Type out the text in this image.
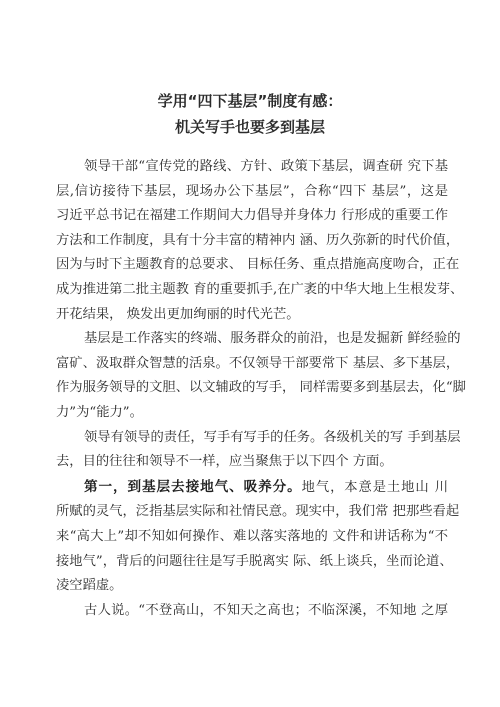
学用“四下基层”制度有感：
机关写手也要多到基层

领导干部“宣传党的路线、方针、政策下基层，调查研 究下基
层,信访接待下基层，现场办公下基层”，合称“四下 基层”，这是
习近平总书记在福建工作期间大力倡导并身体力 行形成的重要工作
方法和工作制度，具有十分丰富的精神内 涵、历久弥新的时代价值，
因为与时下主题教育的总要求、 目标任务、重点措施高度吻合，正在
成为推进第二批主题教 育的重要抓手,在广袤的中华大地上生根发芽、
开花结果， 焕发出更加绚丽的时代光芒。

基层是工作落实的终端、服务群众的前沿，也是发掘新 鲜经验的
富矿、汲取群众智慧的活泉。不仅领导干部要常下 基层、多下基层，
作为服务领导的文胆、以文辅政的写手， 同样需要多到基层去，化“脚
力”为“能力”。

领导有领导的责任，写手有写手的任务。各级机关的写 手到基层
去，目的往往和领导不一样，应当聚焦于以下四个 方面。

第一，到基层去接地气、吸养分。地气，本意是土地山 川
所赋的灵气，泛指基层实际和社情民意。现实中，我们常 把那些看起
来“高大上”却不知如何操作、难以落实落地的 文件和讲话称为“不
接地气”，背后的问题往往是写手脱离实 际、纸上谈兵，坐而论道、
凌空蹈虚。

古人说。“不登高山，不知天之高也；不临深溪，不知地 之厚
